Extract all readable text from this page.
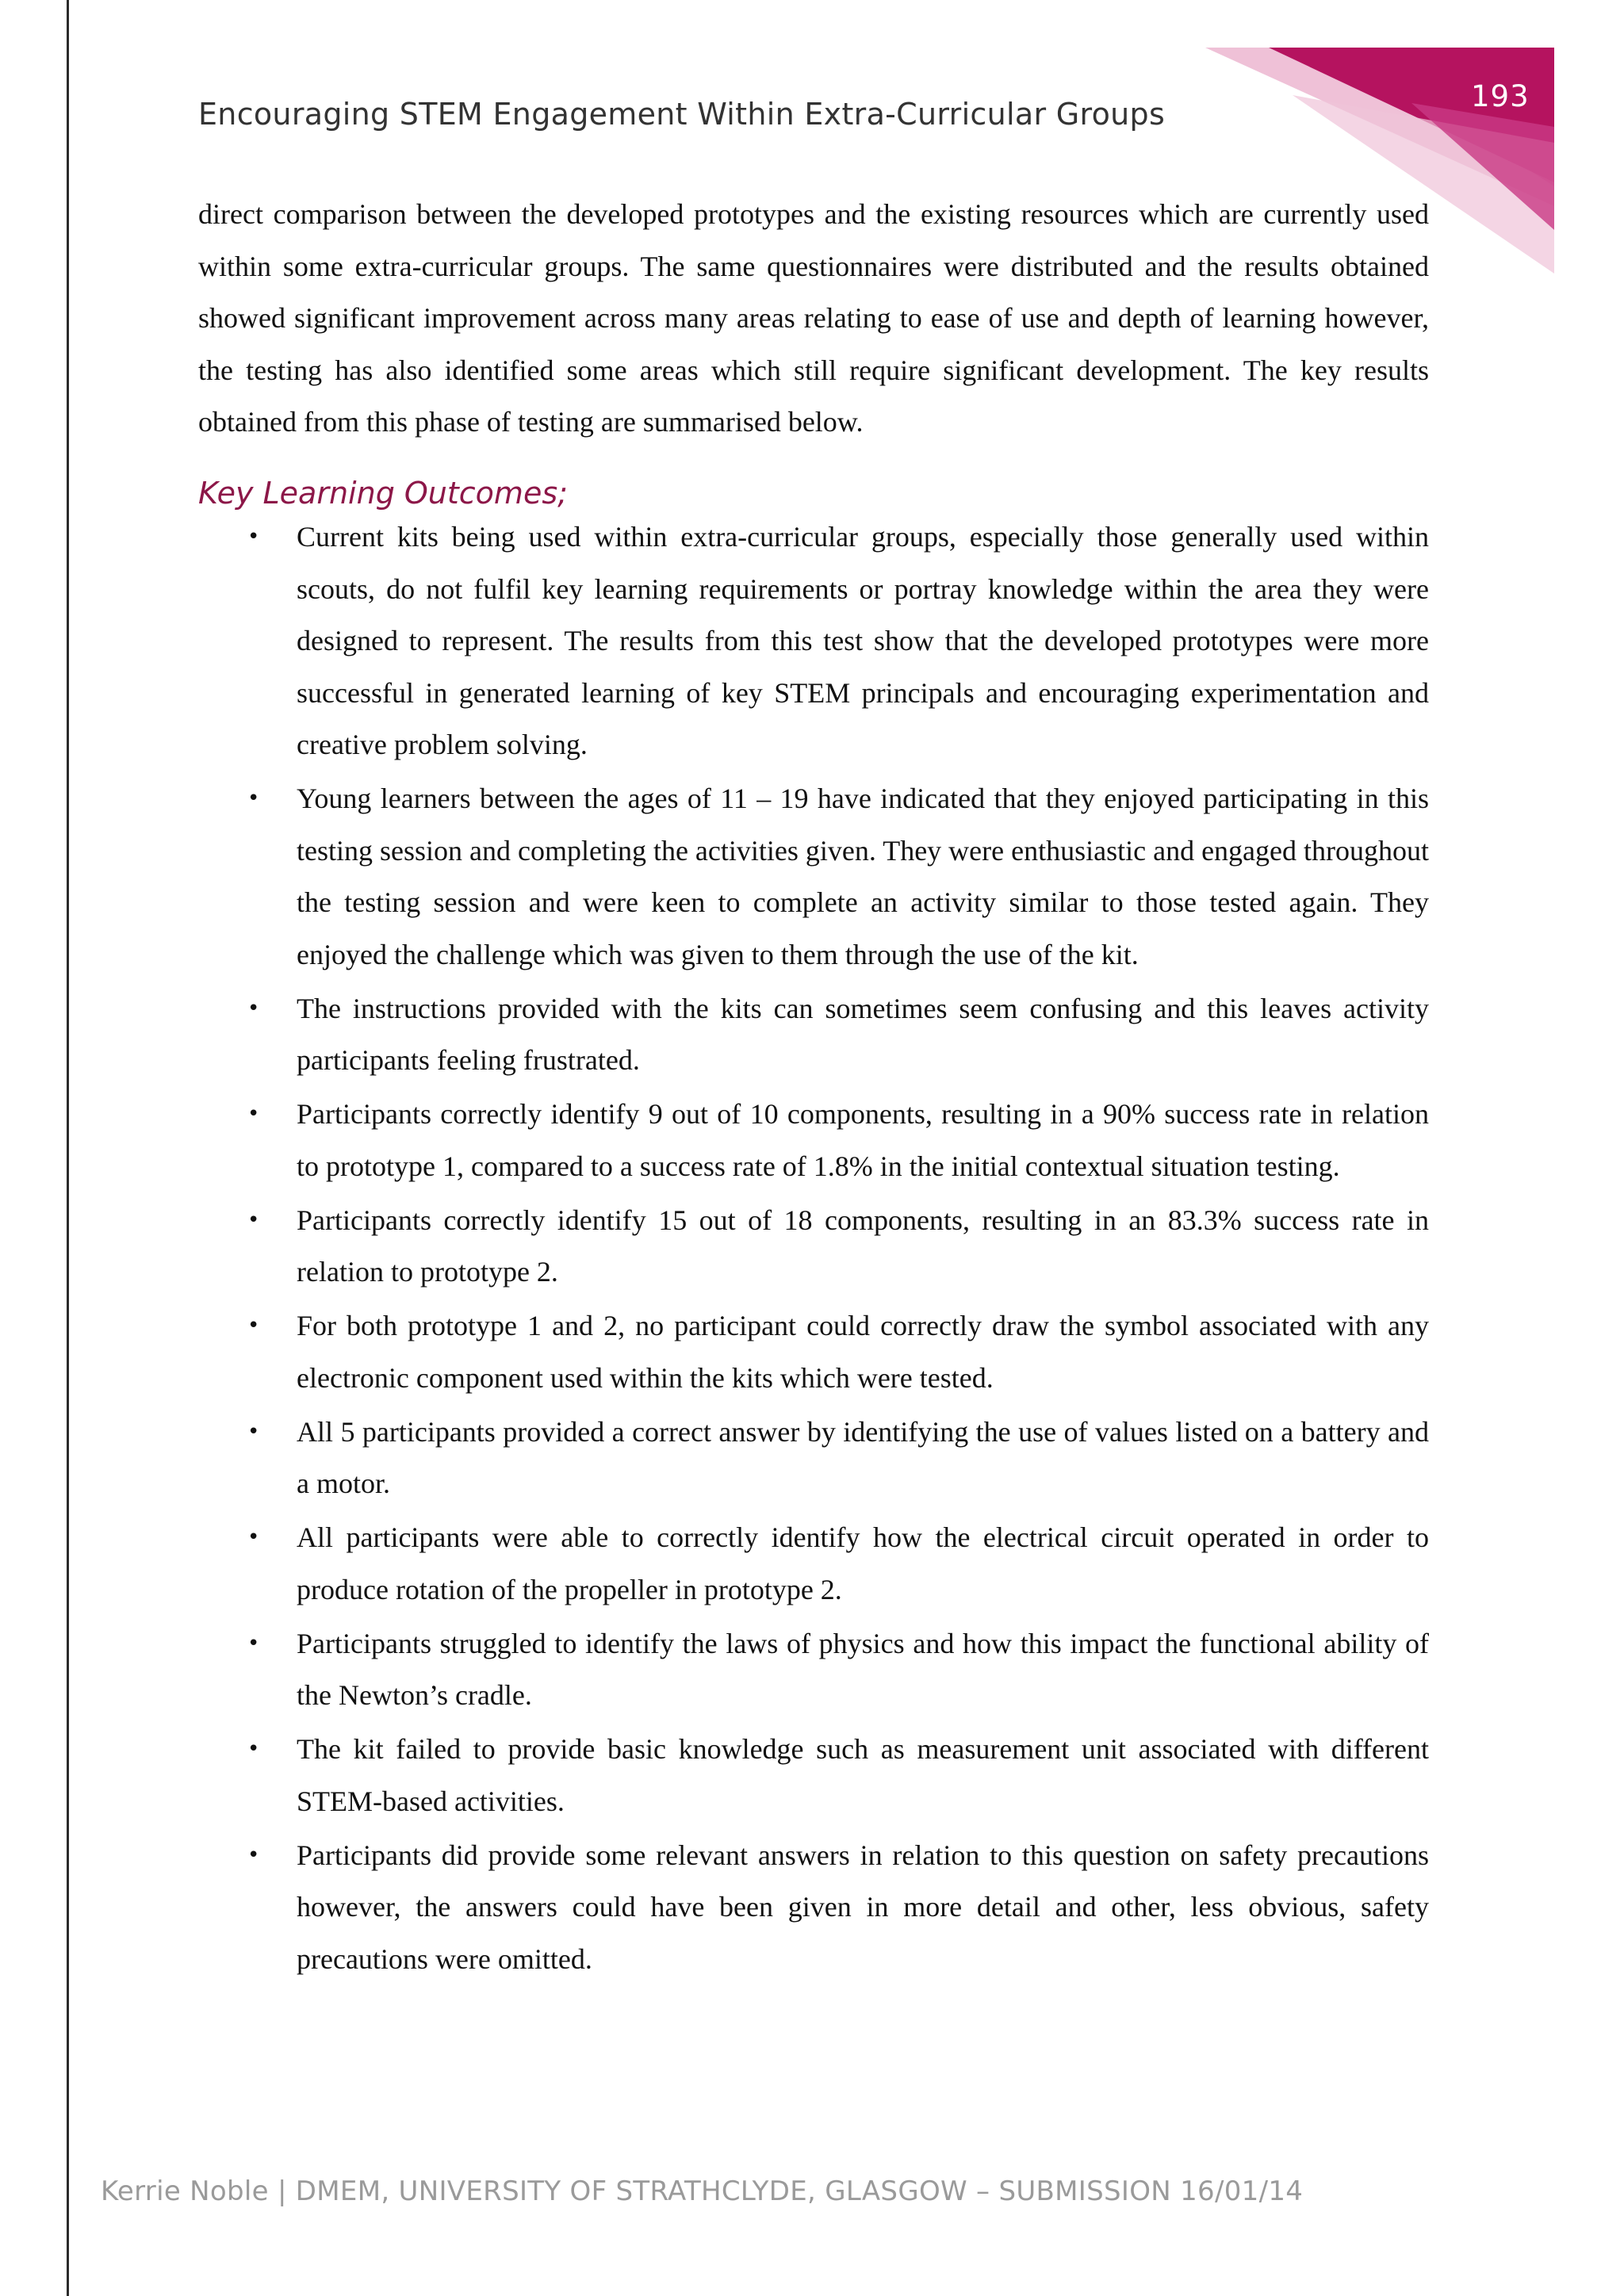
193
Encouraging STEM Engagement Within Extra-Curricular Groups
direct comparison between the developed prototypes and the existing resources which are currently used within some extra-curricular groups. The same questionnaires were distributed and the results obtained showed significant improvement across many areas relating to ease of use and depth of learning however, the testing has also identified some areas which still require significant development. The key results obtained from this phase of testing are summarised below.
Key Learning Outcomes;
• Current kits being used within extra-curricular groups, especially those generally used within scouts, do not fulfil key learning requirements or portray knowledge within the area they were designed to represent. The results from this test show that the developed prototypes were more successful in generated learning of key STEM principals and encouraging experimentation and creative problem solving.
• Young learners between the ages of 11 – 19 have indicated that they enjoyed participating in this testing session and completing the activities given. They were enthusiastic and engaged throughout the testing session and were keen to complete an activity similar to those tested again. They enjoyed the challenge which was given to them through the use of the kit.
• The instructions provided with the kits can sometimes seem confusing and this leaves activity participants feeling frustrated.
• Participants correctly identify 9 out of 10 components, resulting in a 90% success rate in relation to prototype 1, compared to a success rate of 1.8% in the initial contextual situation testing.
• Participants correctly identify 15 out of 18 components, resulting in an 83.3% success rate in relation to prototype 2.
• For both prototype 1 and 2, no participant could correctly draw the symbol associated with any electronic component used within the kits which were tested.
• All 5 participants provided a correct answer by identifying the use of values listed on a battery and a motor.
• All participants were able to correctly identify how the electrical circuit operated in order to produce rotation of the propeller in prototype 2.
• Participants struggled to identify the laws of physics and how this impact the functional ability of the Newton’s cradle.
• The kit failed to provide basic knowledge such as measurement unit associated with different STEM-based activities.
• Participants did provide some relevant answers in relation to this question on safety precautions however, the answers could have been given in more detail and other, less obvious, safety precautions were omitted.
Kerrie Noble | DMEM, UNIVERSITY OF STRATHCLYDE, GLASGOW – SUBMISSION 16/01/14
